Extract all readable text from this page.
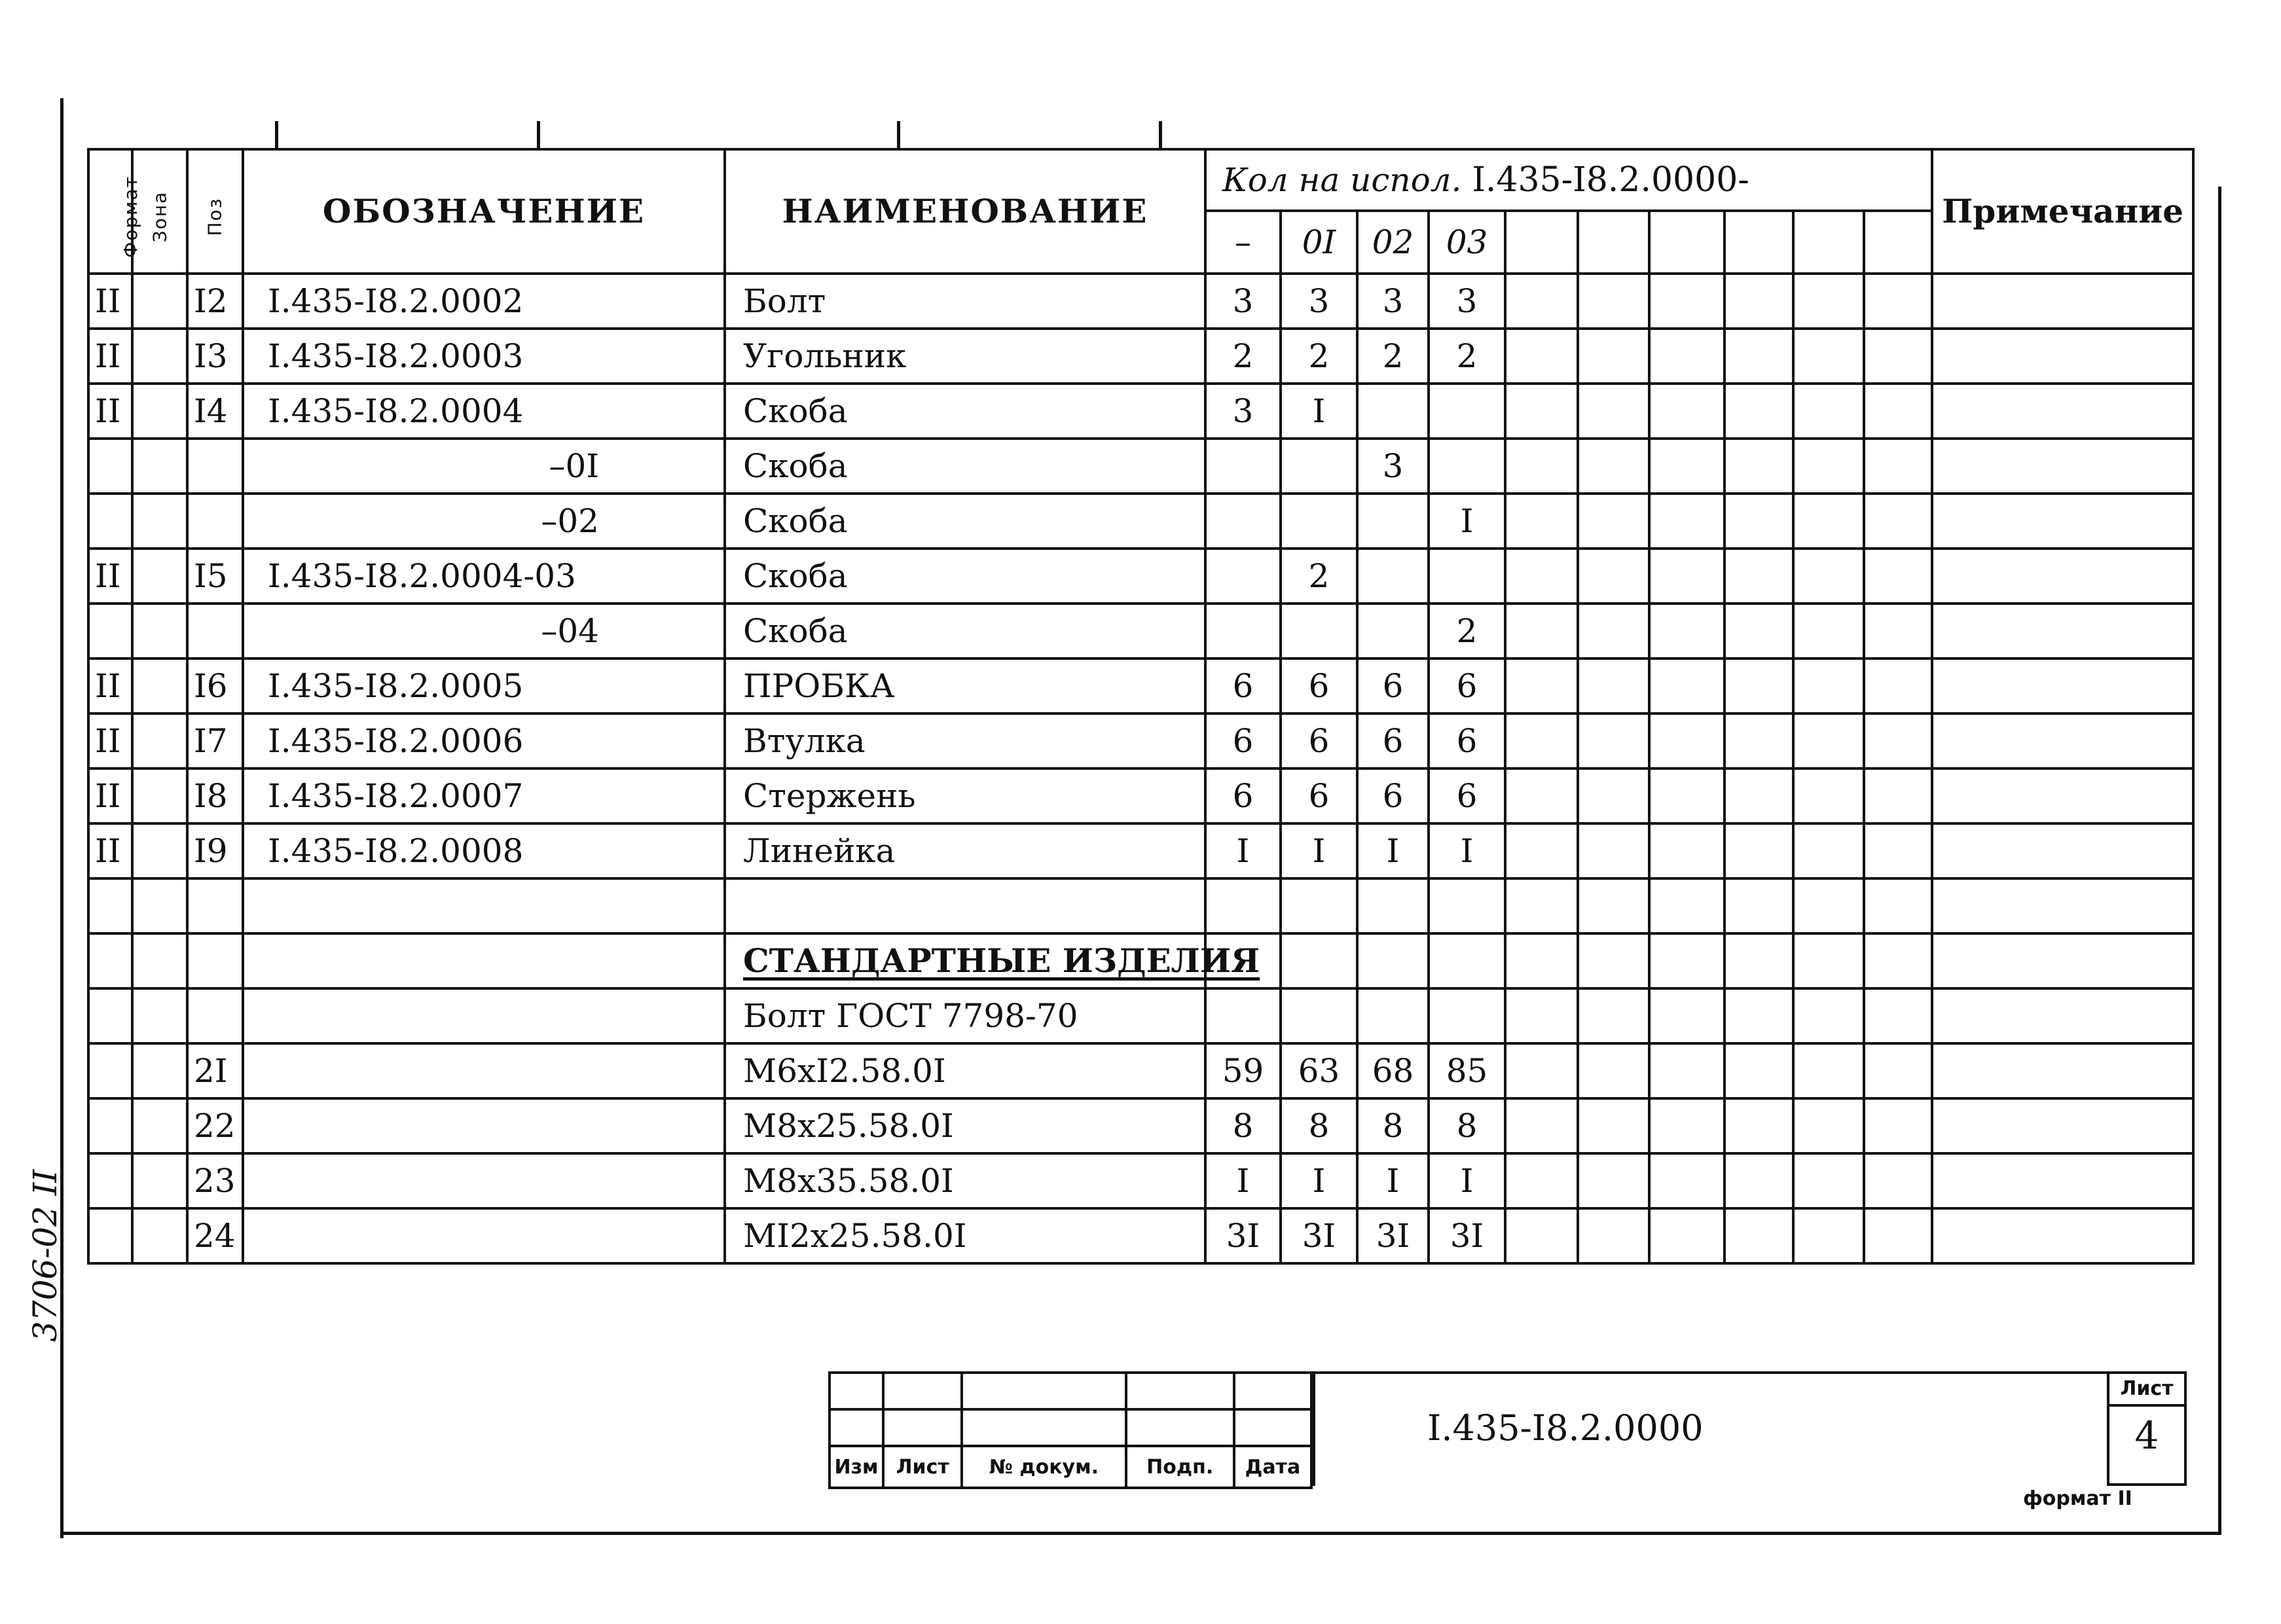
Формат	Зона	Поз	ОБОЗНАЧЕНИЕ	НАИМЕНОВАНИЕ	Кол на испол. I.435-I8.2.0000-										Примечание
					–	0I	02	03							
II		I2	I.435-I8.2.0002	Болт	3	3	3	3							
II		I3	I.435-I8.2.0003	Угольник	2	2	2	2							
II		I4	I.435-I8.2.0004	Скоба	3	I									
			–0I	Скоба			3								
			–02	Скоба				I							
II		I5	I.435-I8.2.0004-03	Скоба		2									
			–04	Скоба				2							
II		I6	I.435-I8.2.0005	ПРОБКА	6	6	6	6							
II		I7	I.435-I8.2.0006	Втулка	6	6	6	6							
II		I8	I.435-I8.2.0007	Стержень	6	6	6	6							
II		I9	I.435-I8.2.0008	Линейка	I	I	I	I							

				СТАНДАРТНЫЕ ИЗДЕЛИЯ											
				Болт ГОСТ 7798-70											
		2I		М6хI2.58.0I	59	63	68	85							
		22		М8х25.58.0I	8	8	8	8							
		23		М8х35.58.0I	I	I	I	I							
		24		МI2х25.58.0I	3I	3I	3I	3I							

Изм	Лист	№ докум.	Подп.	Дата
I.435-I8.2.0000
Лист
4
формат II
3706-02 II
